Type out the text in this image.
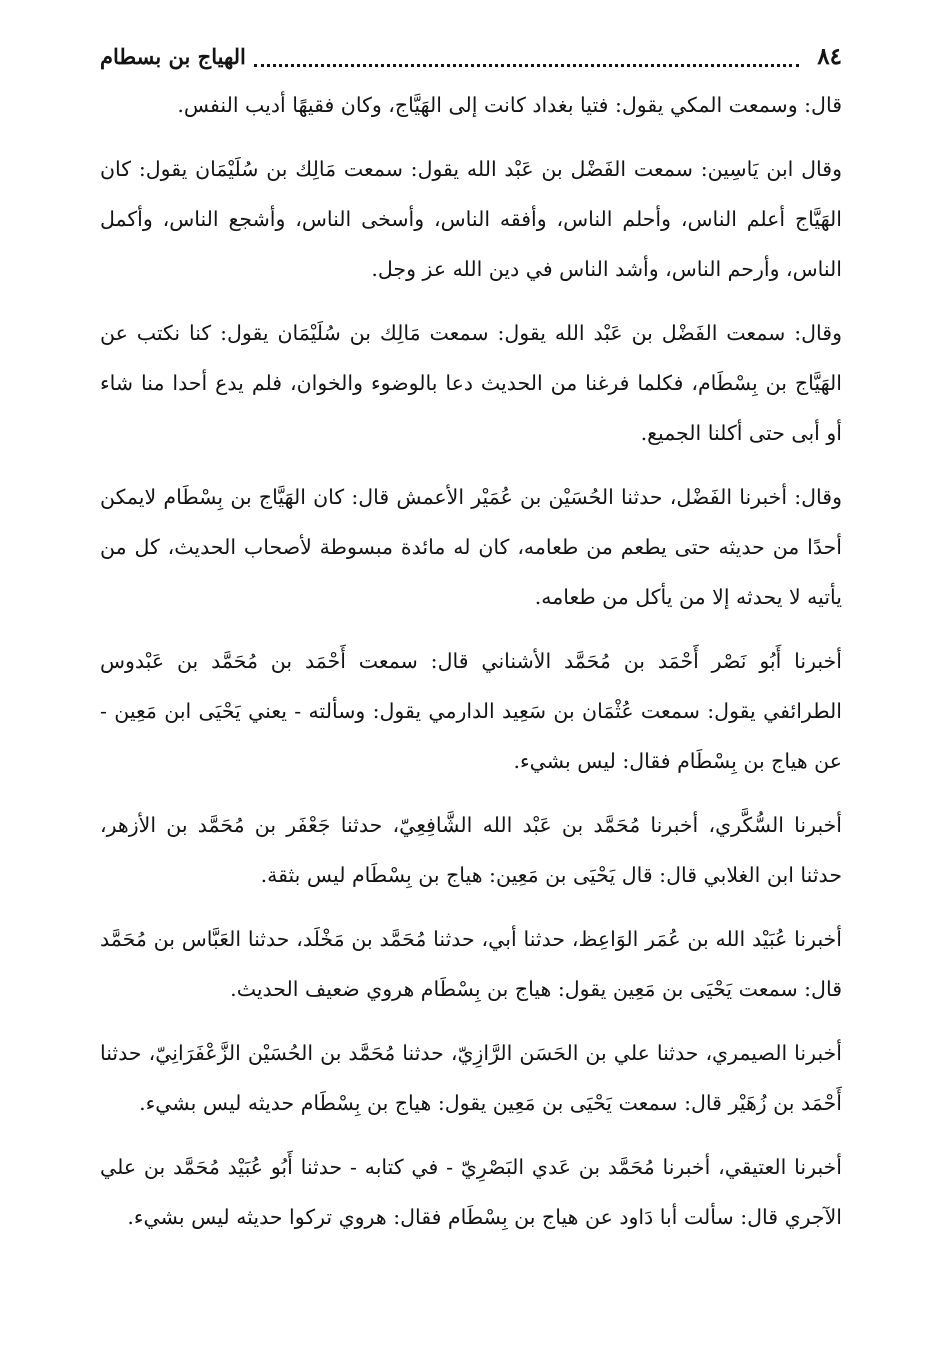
٨٤
الهياج بن بسطام

قال: وسمعت المكي يقول: فتيا بغداد كانت إلى الهَيَّاج، وكان فقيهًا أديب النفس.

وقال ابن يَاسِين: سمعت الفَضْل بن عَبْد الله يقول: سمعت مَالِك بن سُلَيْمَان يقول: كان الهَيَّاج أعلم الناس، وأحلم الناس، وأفقه الناس، وأسخى الناس، وأشجع الناس، وأكمل الناس، وأرحم الناس، وأشد الناس في دين الله عز وجل.

وقال: سمعت الفَضْل بن عَبْد الله يقول: سمعت مَالِك بن سُلَيْمَان يقول: كنا نكتب عن الهَيَّاج بن بِسْطَام، فكلما فرغنا من الحديث دعا بالوضوء والخوان، فلم يدع أحدا منا شاء أو أبى حتى أكلنا الجميع.

وقال: أخبرنا الفَضْل، حدثنا الحُسَيْن بن عُمَيْر الأعمش قال: كان الهَيَّاج بن بِسْطَام لايمكن أحدًا من حديثه حتى يطعم من طعامه، كان له مائدة مبسوطة لأصحاب الحديث، كل من يأتيه لا يحدثه إلا من يأكل من طعامه.

أخبرنا أَبُو نَصْر أَحْمَد بن مُحَمَّد الأشناني قال: سمعت أَحْمَد بن مُحَمَّد بن عَبْدوس الطرائفي يقول: سمعت عُثْمَان بن سَعِيد الدارمي يقول: وسألته - يعني يَحْيَى ابن مَعِين - عن هياج بن بِسْطَام فقال: ليس بشيء.

أخبرنا السُّكَّري، أخبرنا مُحَمَّد بن عَبْد الله الشَّافِعِيّ، حدثنا جَعْفَر بن مُحَمَّد بن الأزهر، حدثنا ابن الغلابي قال: قال يَحْيَى بن مَعِين: هياج بن بِسْطَام ليس بثقة.

أخبرنا عُبَيْد الله بن عُمَر الوَاعِظ، حدثنا أبي، حدثنا مُحَمَّد بن مَخْلَد، حدثنا العَبَّاس بن مُحَمَّد قال: سمعت يَحْيَى بن مَعِين يقول: هياج بن بِسْطَام هروي ضعيف الحديث.

أخبرنا الصيمري، حدثنا علي بن الحَسَن الرَّازِيّ، حدثنا مُحَمَّد بن الحُسَيْن الزَّعْفَرَانِيّ، حدثنا أَحْمَد بن زُهَيْر قال: سمعت يَحْيَى بن مَعِين يقول: هياج بن بِسْطَام حديثه ليس بشيء.

أخبرنا العتيقي، أخبرنا مُحَمَّد بن عَدي البَصْرِيّ - في كتابه - حدثنا أَبُو عُبَيْد مُحَمَّد بن علي الآجري قال: سألت أبا دَاود عن هياج بن بِسْطَام فقال: هروي تركوا حديثه ليس بشيء.
